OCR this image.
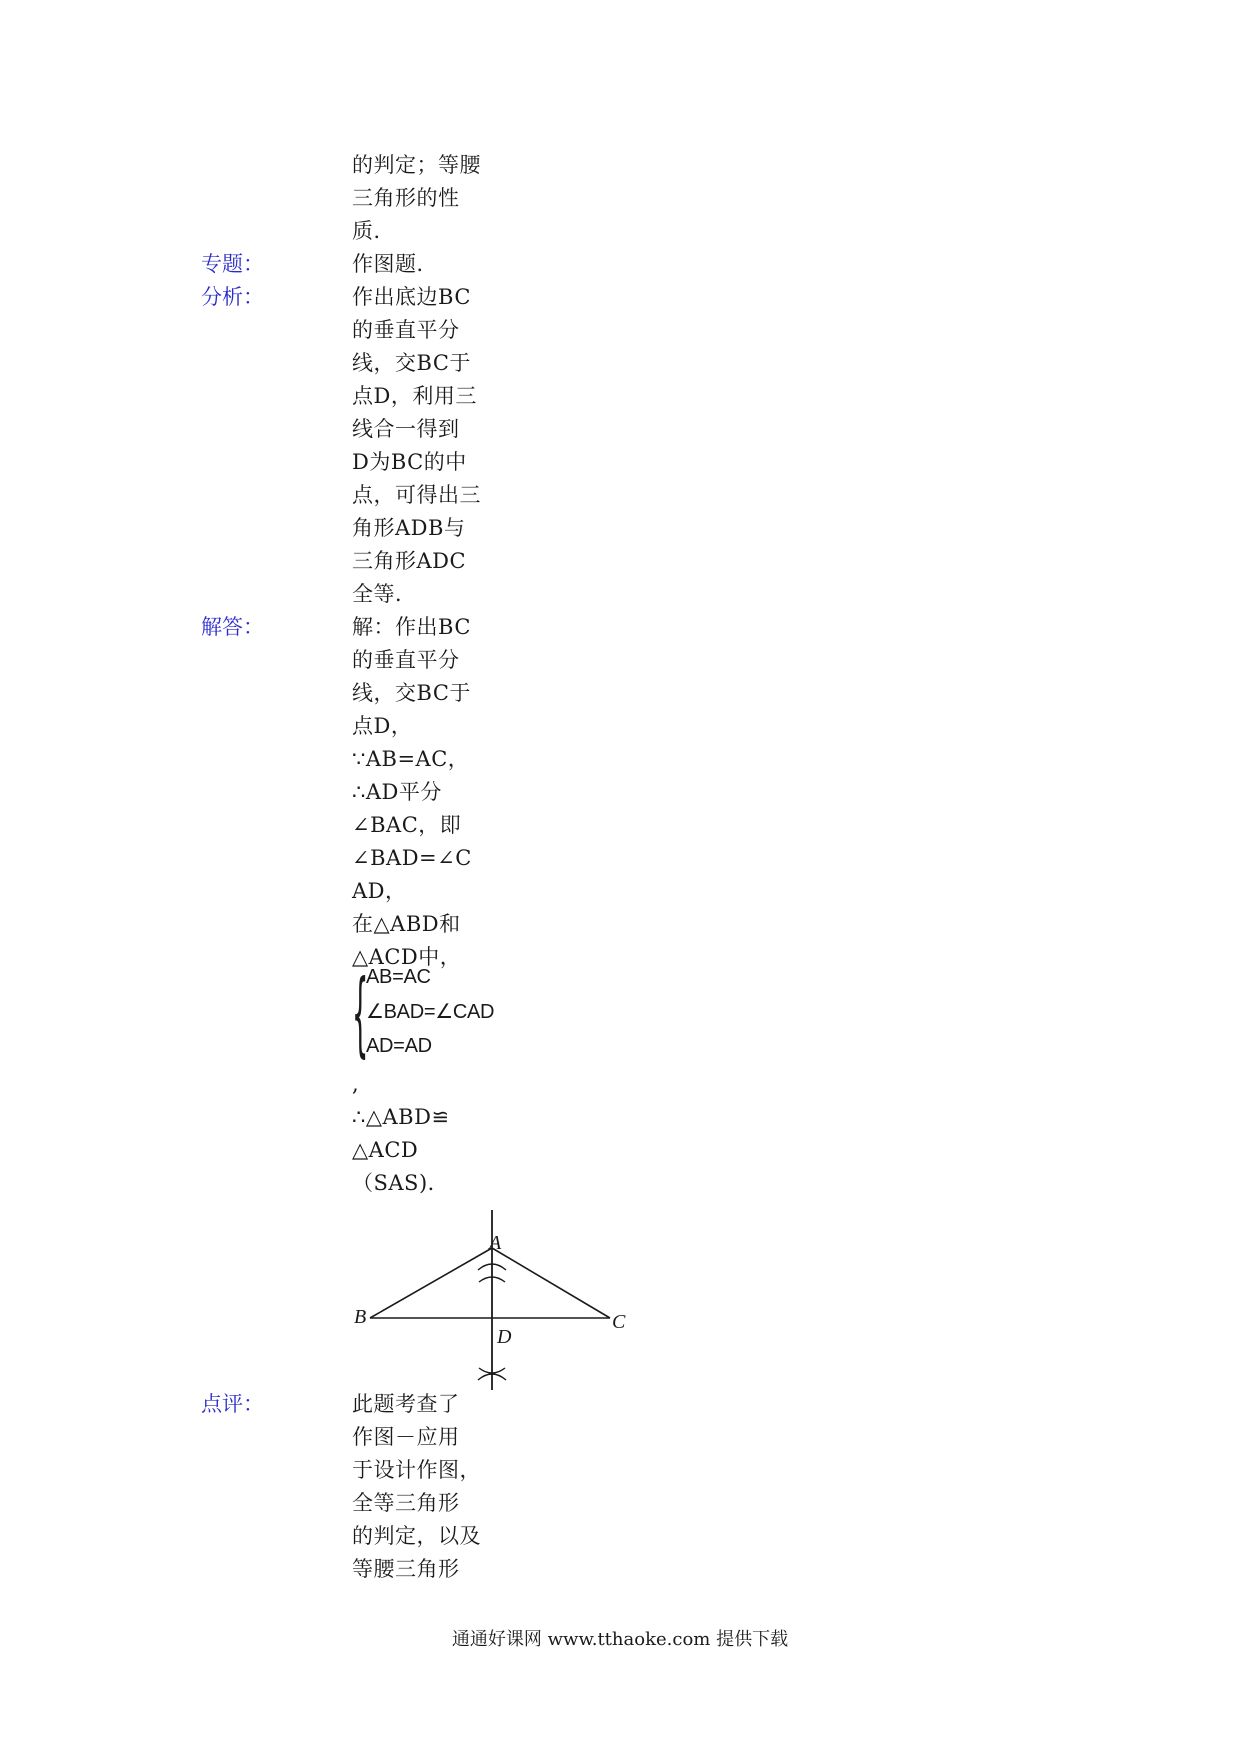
的判定；等腰
三角形的性
质．
专题：	作图题．
分析：	作出底边BC
的垂直平分
线，交BC于
点D，利用三
线合一得到
D为BC的中
点，可得出三
角形ADB与
三角形ADC
全等．
解答：	解：作出BC
的垂直平分
线，交BC于
点D，
∵AB=AC，
∴AD平分
∠BAC，即
∠BAD=∠C
AD，
在△ABD和
△ACD中，
{
AB=AC
∠BAD=∠CAD
AD=AD
,
∴△ABD≌
△ACD
（SAS)．
A
B	C
D
点评：	此题考查了
作图－应用
于设计作图，
全等三角形
的判定，以及
等腰三角形
通通好课网 www.tthaoke.com 提供下载
